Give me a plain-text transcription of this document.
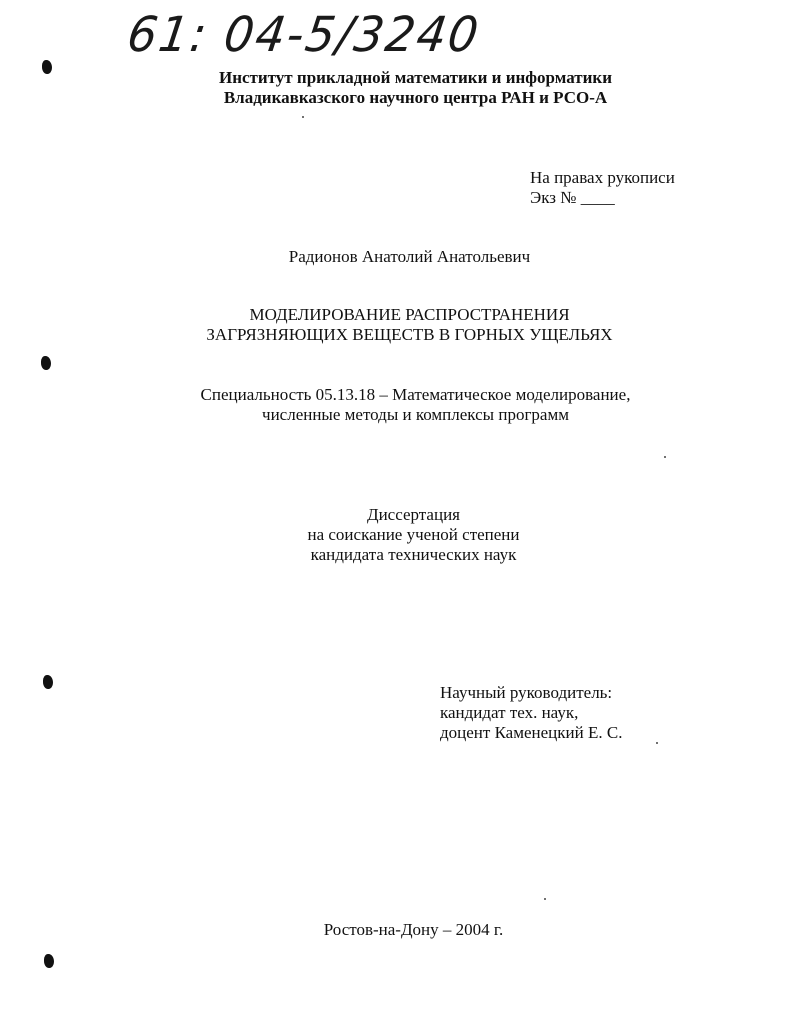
61: 04-5/3240
Институт прикладной математики и информатики
Владикавказского научного центра РАН и РСО-А
На правах рукописи
Экз № ____
Радионов Анатолий Анатольевич
МОДЕЛИРОВАНИЕ РАСПРОСТРАНЕНИЯ
ЗАГРЯЗНЯЮЩИХ ВЕЩЕСТВ В ГОРНЫХ УЩЕЛЬЯХ
Специальность 05.13.18 – Математическое моделирование,
численные методы и комплексы программ
Диссертация
на соискание ученой степени
кандидата технических наук
Научный руководитель:
кандидат тех. наук,
доцент Каменецкий Е. С.
Ростов-на-Дону – 2004 г.
